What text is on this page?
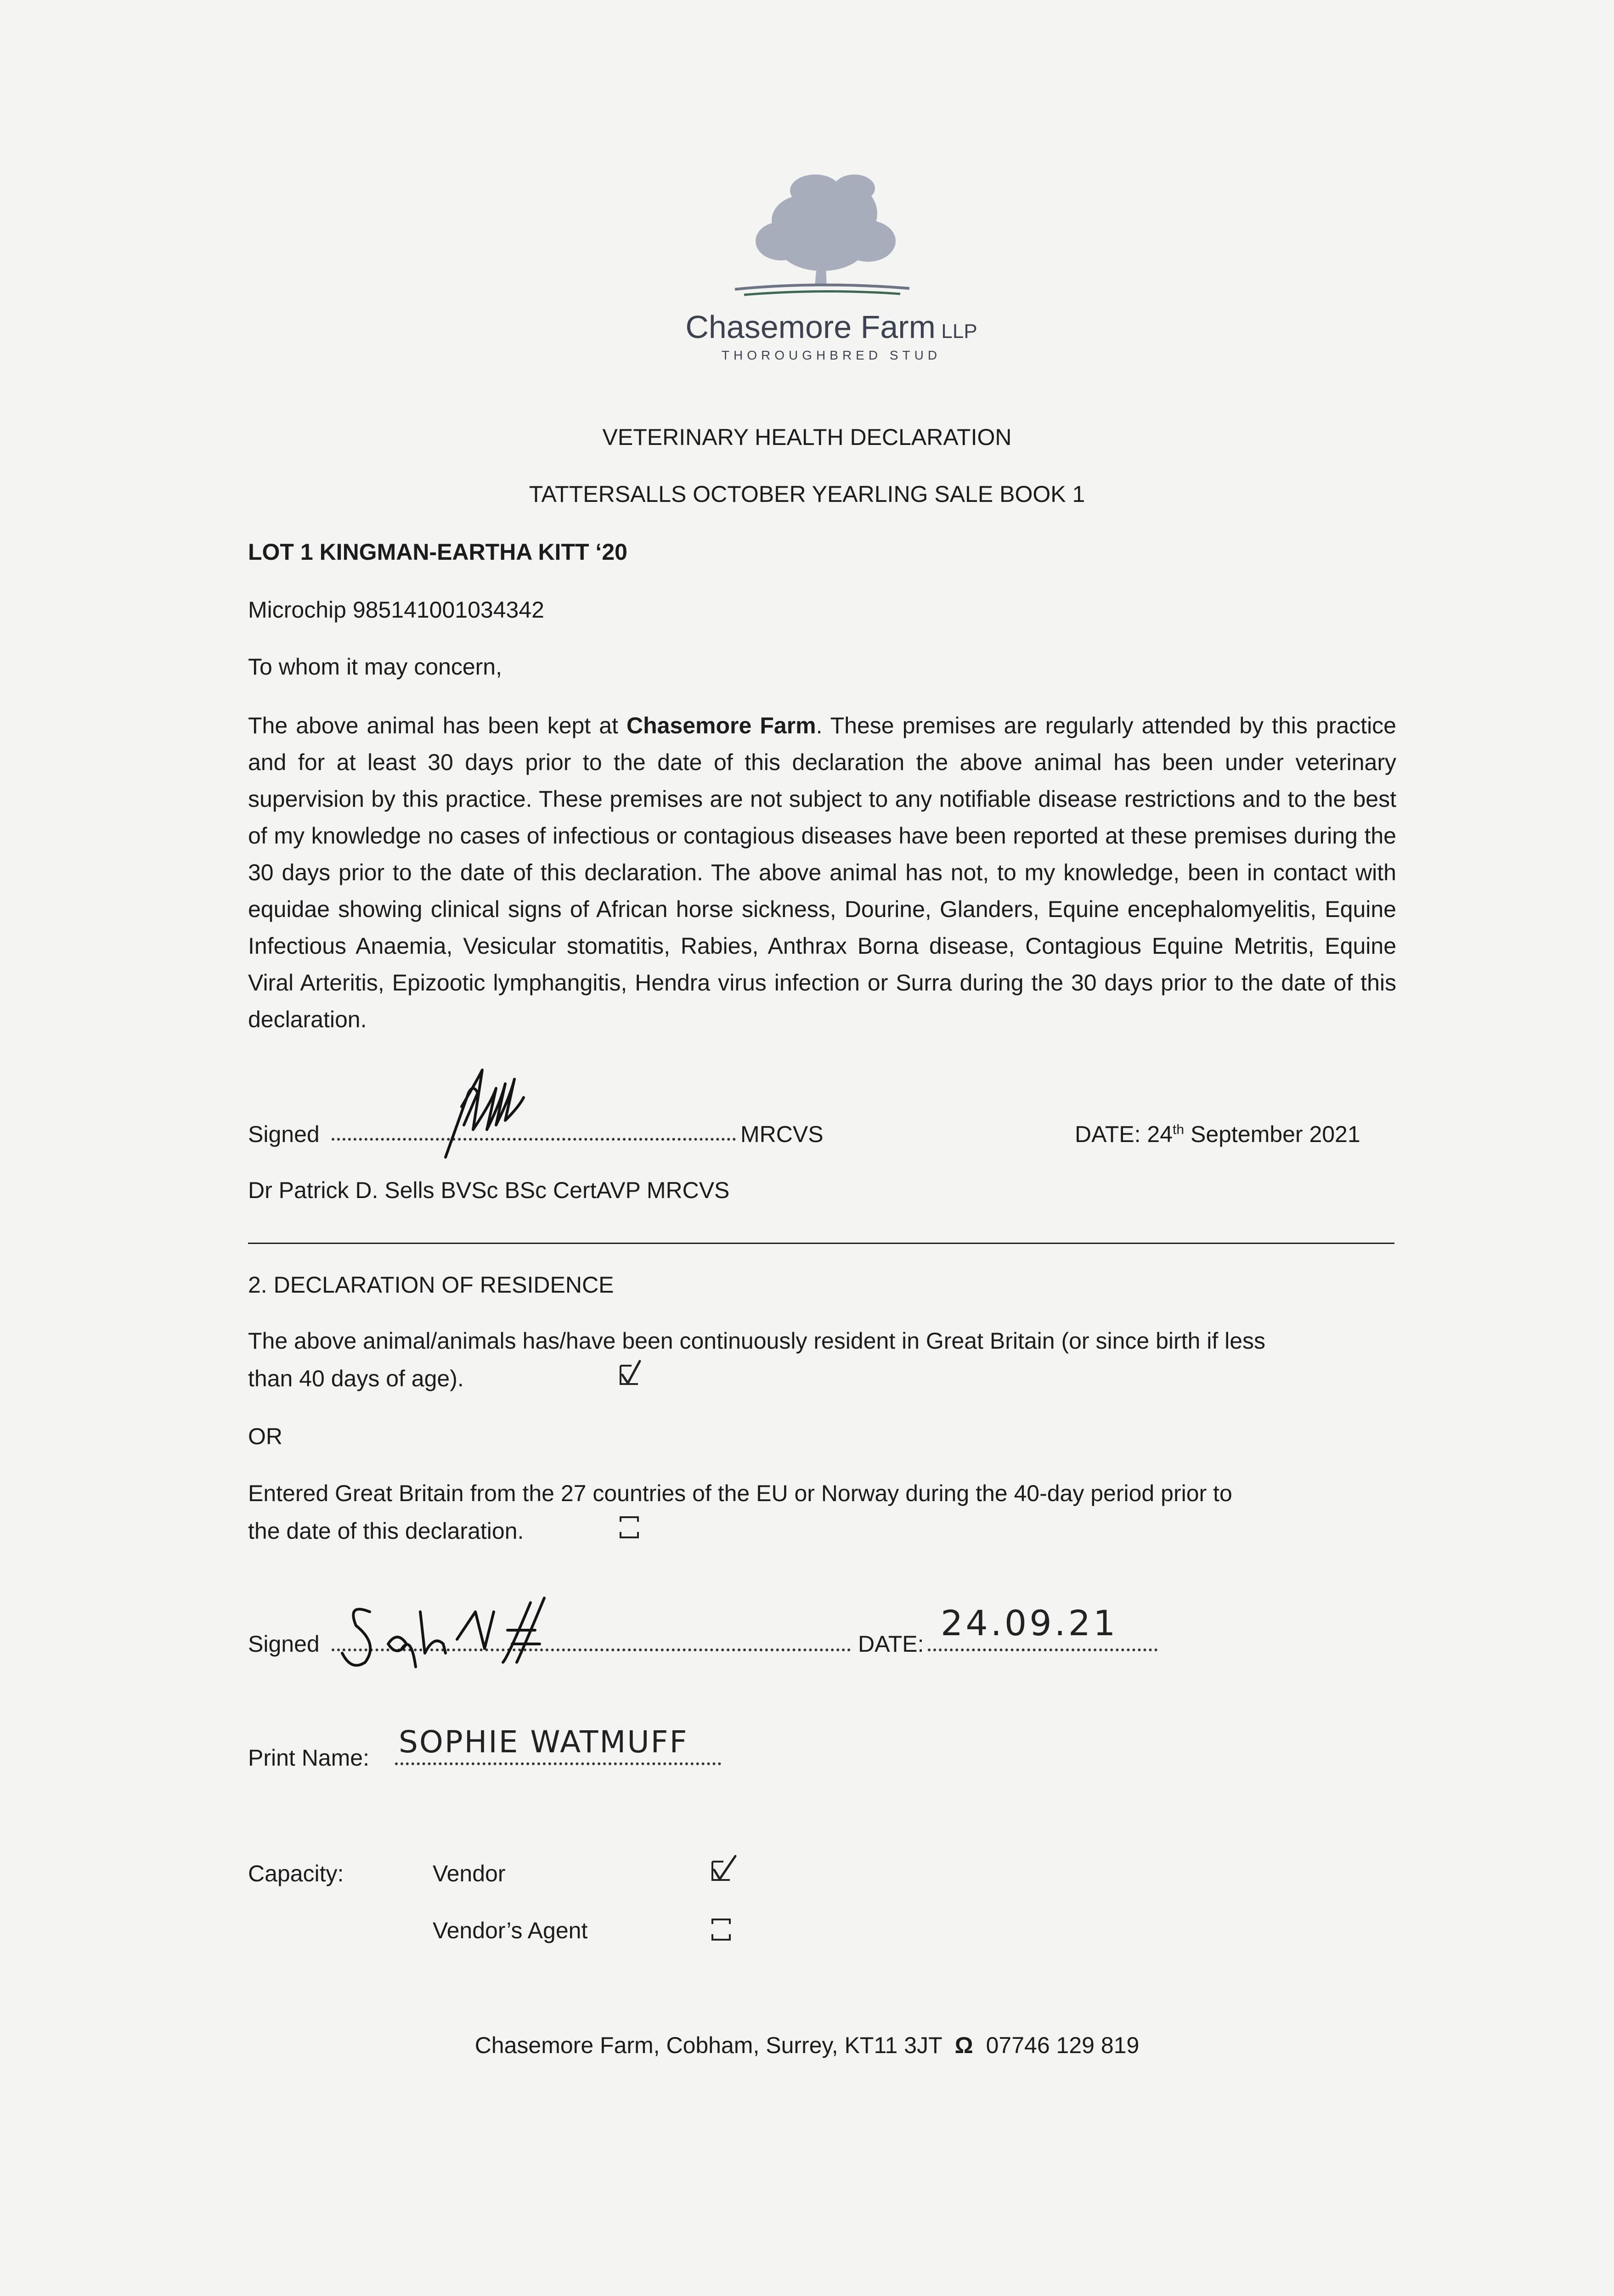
Chasemore Farm LLP
THOROUGHBRED STUD
VETERINARY HEALTH DECLARATION
TATTERSALLS OCTOBER YEARLING SALE BOOK 1
LOT 1 KINGMAN-EARTHA KITT ‘20
Microchip 985141001034342
To whom it may concern,
The above animal has been kept at Chasemore Farm. These premises are regularly attended by this practice and for at least 30 days prior to the date of this declaration the above animal has been under veterinary supervision by this practice. These premises are not subject to any notifiable disease restrictions and to the best of my knowledge no cases of infectious or contagious diseases have been reported at these premises during the 30 days prior to the date of this declaration. The above animal has not, to my knowledge, been in contact with equidae showing clinical signs of African horse sickness, Dourine, Glanders, Equine encephalomyelitis, Equine Infectious Anaemia, Vesicular stomatitis, Rabies, Anthrax Borna disease, Contagious Equine Metritis, Equine Viral Arteritis, Epizootic lymphangitis, Hendra virus infection or Surra during the 30 days prior to the date of this declaration.
Signed	MRCVS	DATE: 24th September 2021
Dr Patrick D. Sells BVSc BSc CertAVP MRCVS
2. DECLARATION OF RESIDENCE
The above animal/animals has/have been continuously resident in Great Britain (or since birth if less
than 40 days of age).
OR
Entered Great Britain from the 27 countries of the EU or Norway during the 40-day period prior to
the date of this declaration.
Signed	DATE:
24.09.21
Print Name: SOPHIE WATMUFF
Capacity:	Vendor
Vendor’s Agent
Chasemore Farm, Cobham, Surrey, KT11 3JT Ω 07746 129 819
